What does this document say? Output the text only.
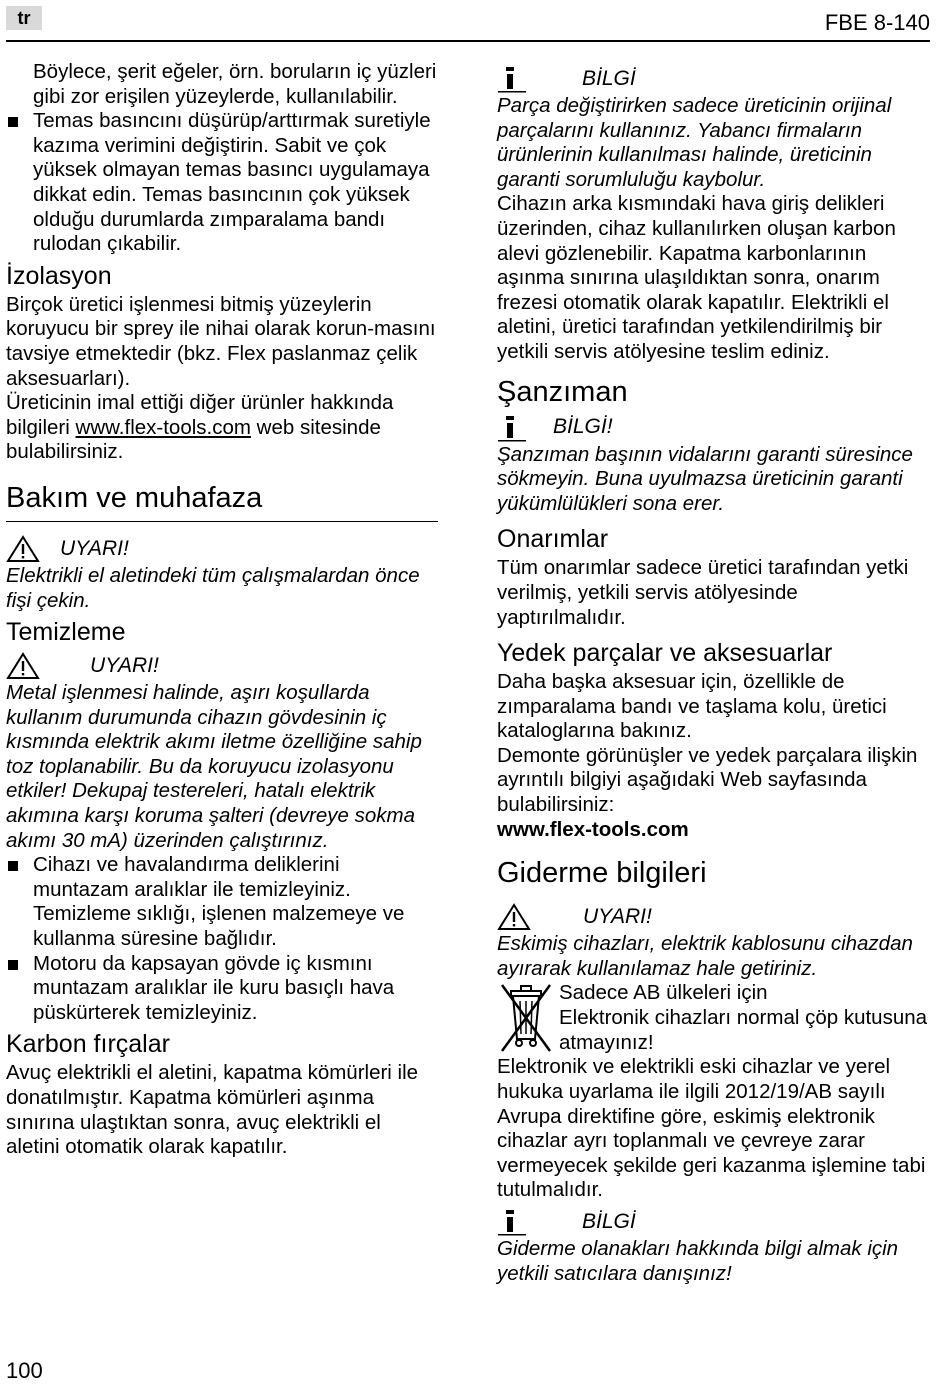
tr	FBE 8-140

Böylece, şerit eğeler, örn. boruların iç yüzleri gibi zor erişilen yüzeylerde, kullanılabilir.

Temas basıncını düşürüp/arttırmak suretiyle kazıma verimini değiştirin. Sabit ve çok yüksek olmayan temas basıncı uygulamaya dikkat edin. Temas basıncının çok yüksek olduğu durumlarda zımparalama bandı rulodan çıkabilir.

İzolasyon

Birçok üretici işlenmesi bitmiş yüzeylerin koruyucu bir sprey ile nihai olarak korun-masını tavsiye etmektedir (bkz. Flex paslanmaz çelik aksesuarları).

Üreticinin imal ettiği diğer ürünler hakkında bilgileri www.flex-tools.com web sitesinde bulabilirsiniz.

Bakım ve muhafaza
UYARI!

Elektrikli el aletindeki tüm çalışmalardan önce fişi çekin.

Temizleme
UYARI!

Metal işlenmesi halinde, aşırı koşullarda kullanım durumunda cihazın gövdesinin iç kısmında elektrik akımı iletme özelliğine sahip toz toplanabilir. Bu da koruyucu izolasyonu etkiler! Dekupaj testereleri, hatalı elektrik akımına karşı koruma şalteri (devreye sokma akımı 30 mA) üzerinden çalıştırınız.

Cihazı ve havalandırma deliklerini muntazam aralıklar ile temizleyiniz. Temizleme sıklığı, işlenen malzemeye ve kullanma süresine bağlıdır.

Motoru da kapsayan gövde iç kısmını muntazam aralıklar ile kuru basıçlı hava püskürterek temizleyiniz.

Karbon fırçalar

Avuç elektrikli el aletini, kapatma kömürleri ile donatılmıştır. Kapatma kömürleri aşınma sınırına ulaştıktan sonra, avuç elektrikli el aletini otomatik olarak kapatılır.

BİLGİ

Parça değiştirirken sadece üreticinin orijinal parçalarını kullanınız. Yabancı firmaların ürünlerinin kullanılması halinde, üreticinin garanti sorumluluğu kaybolur.

Cihazın arka kısmındaki hava giriş delikleri üzerinden, cihaz kullanılırken oluşan karbon alevi gözlenebilir. Kapatma karbonlarının aşınma sınırına ulaşıldıktan sonra, onarım frezesi otomatik olarak kapatılır. Elektrikli el aletini, üretici tarafından yetkilendirilmiş bir yetkili servis atölyesine teslim ediniz.

Şanzıman
BİLGİ!

Şanzıman başının vidalarını garanti süresince sökmeyin. Buna uyulmazsa üreticinin garanti yükümlülükleri sona erer.

Onarımlar

Tüm onarımlar sadece üretici tarafından yetki verilmiş, yetkili servis atölyesinde yaptırılmalıdır.

Yedek parçalar ve aksesuarlar

Daha başka aksesuar için, özellikle de zımparalama bandı ve taşlama kolu, üretici kataloglarına bakınız.

Demonte görünüşler ve yedek parçalara ilişkin ayrıntılı bilgiyi aşağıdaki Web sayfasında bulabilirsiniz:

www.flex-tools.com

Giderme bilgileri
UYARI!

Eskimiş cihazları, elektrik kablosunu cihazdan ayırarak kullanılamaz hale getiriniz.

Sadece AB ülkeleri için

Elektronik cihazları normal çöp kutusuna atmayınız!

Elektronik ve elektrikli eski cihazlar ve yerel hukuka uyarlama ile ilgili 2012/19/AB sayılı Avrupa direktifine göre, eskimiş elektronik cihazlar ayrı toplanmalı ve çevreye zarar vermeyecek şekilde geri kazanma işlemine tabi tutulmalıdır.

BİLGİ

Giderme olanakları hakkında bilgi almak için yetkili satıcılara danışınız!

100
